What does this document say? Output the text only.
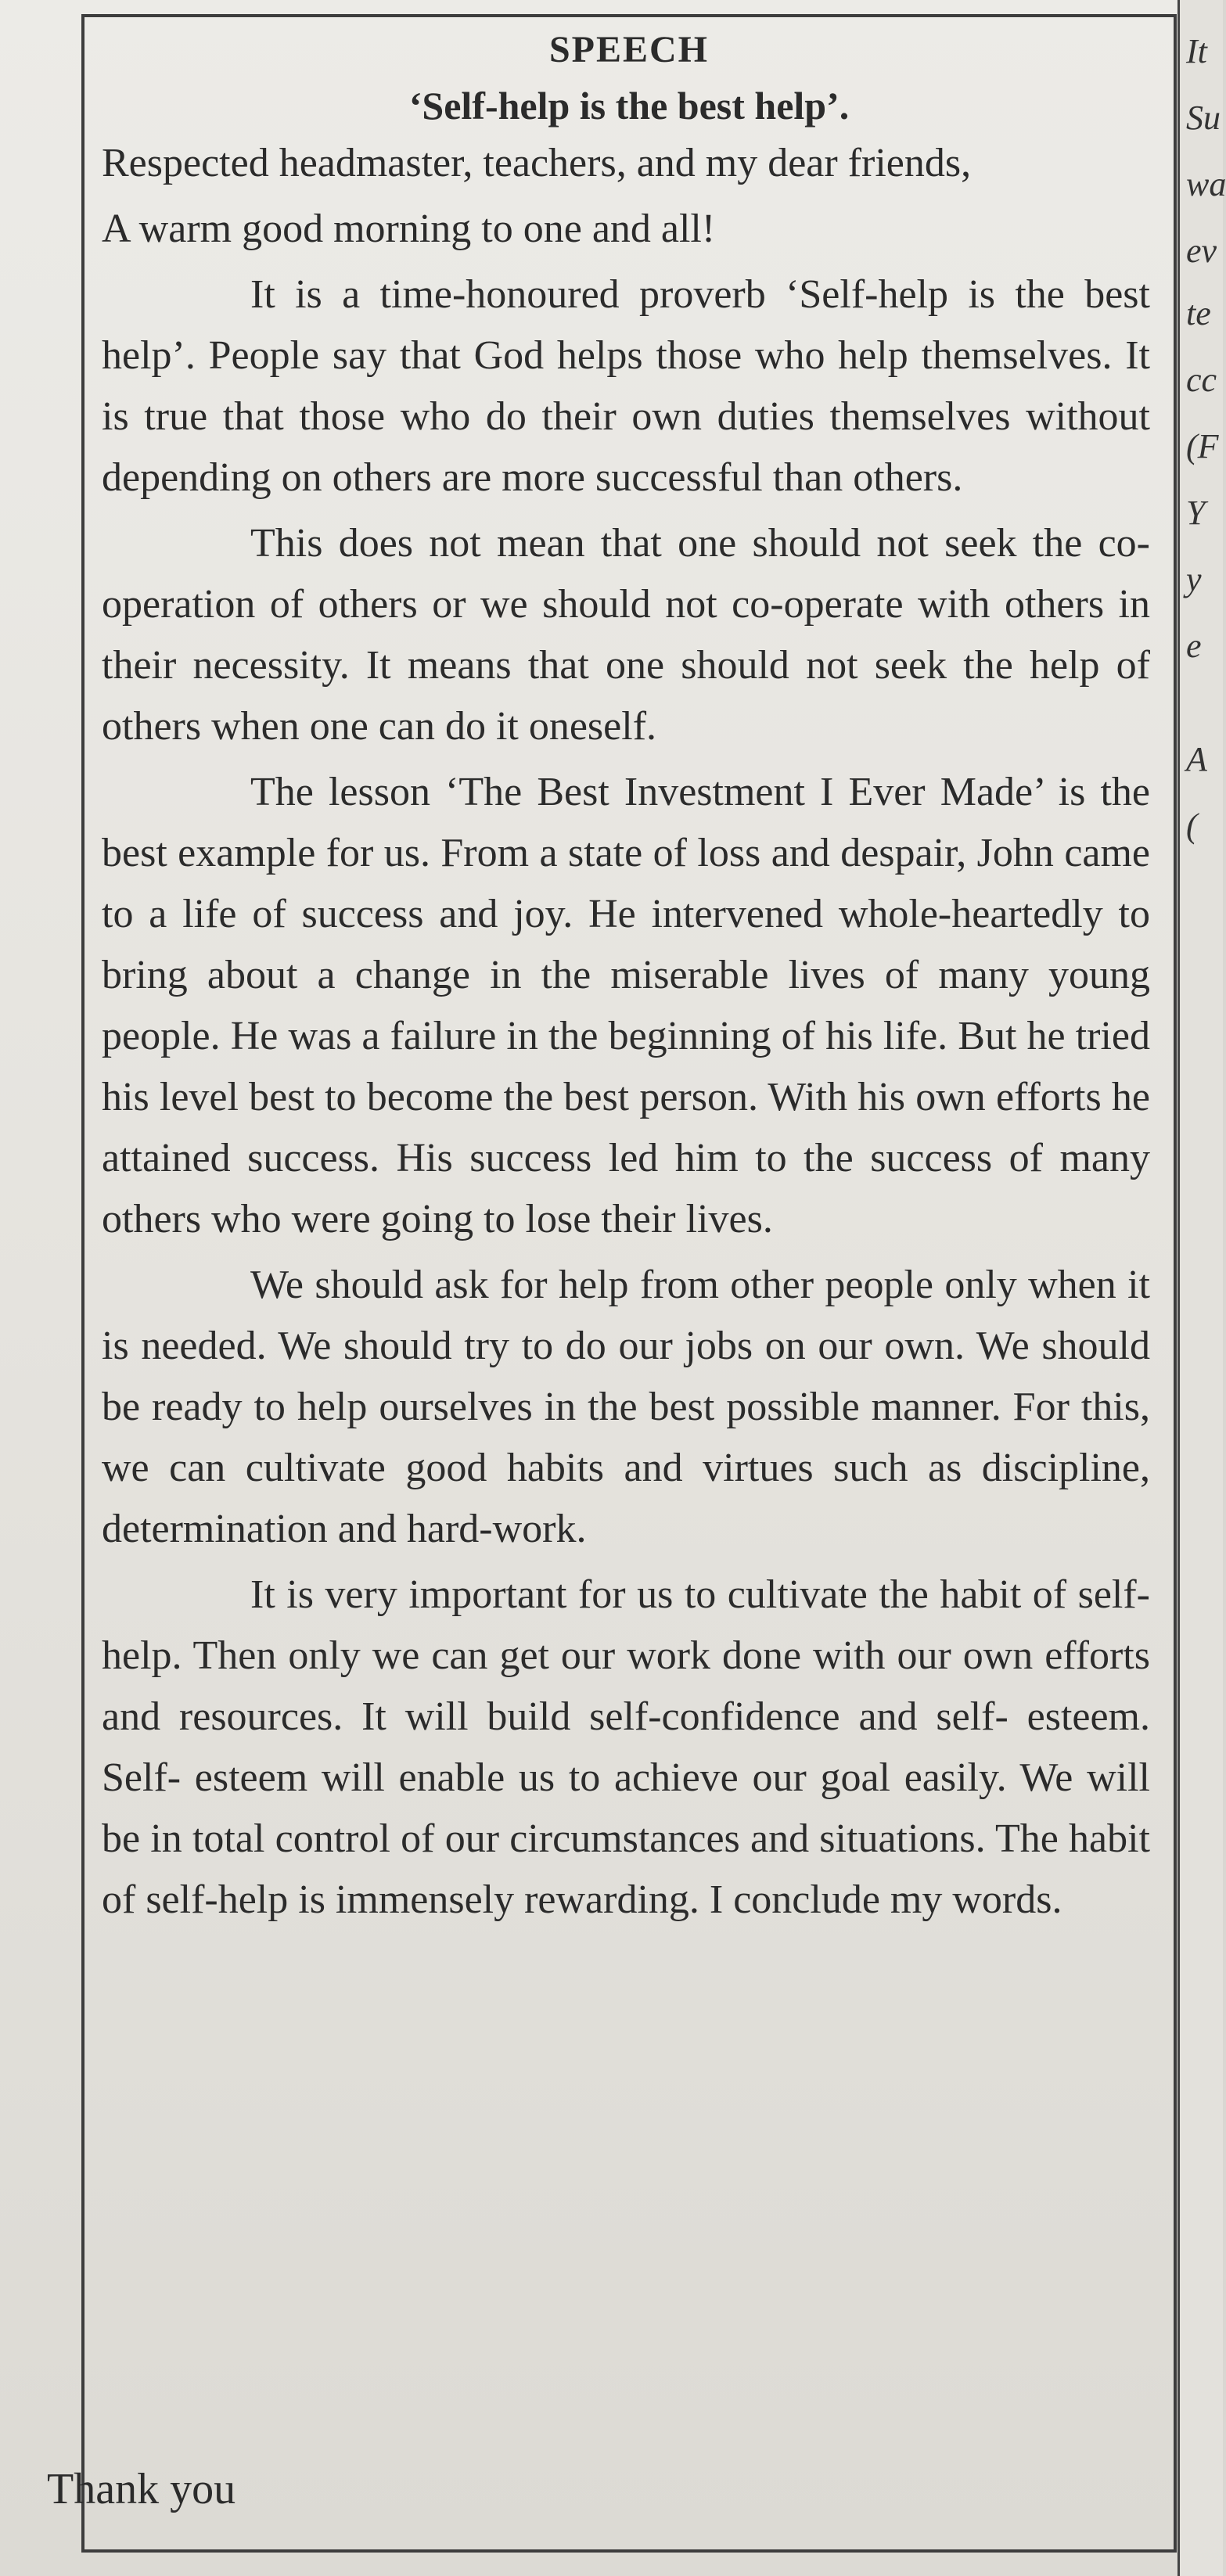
SPEECH
‘Self-help is the best help’.

Respected headmaster, teachers, and my dear friends,

A warm good morning to one and all!

It is a time-honoured proverb ‘Self-help is the best help’. People say that God helps those who help themselves. It is true that those who do their own duties themselves without depending on others are more successful than others.

This does not mean that one should not seek the co-operation of others or we should not co-operate with others in their necessity. It means that one should not seek the help of others when one can do it oneself.

The lesson ‘The Best Investment I Ever Made’ is the best example for us. From a state of loss and despair, John came to a life of success and joy. He intervened whole-heartedly to bring about a change in the miserable lives of many young people. He was a failure in the beginning of his life. But he tried his level best to become the best person. With his own efforts he attained success. His success led him to the success of many others who were going to lose their lives.

We should ask for help from other people only when it is needed. We should try to do our jobs on our own. We should be ready to help ourselves in the best possible manner. For this, we can cultivate good habits and virtues such as discipline, determination and hard-work.

It is very important for us to cultivate the habit of self-help. Then only we can get our work done with our own efforts and resources. It will build self-confidence and self- esteem. Self- esteem will enable us to achieve our goal easily. We will be in total control of our circumstances and situations. The habit of self-help is immensely rewarding. I conclude my words.

Thank you
It
Su
wa
ev
te
cc
(F
Y
y
e
A
(
